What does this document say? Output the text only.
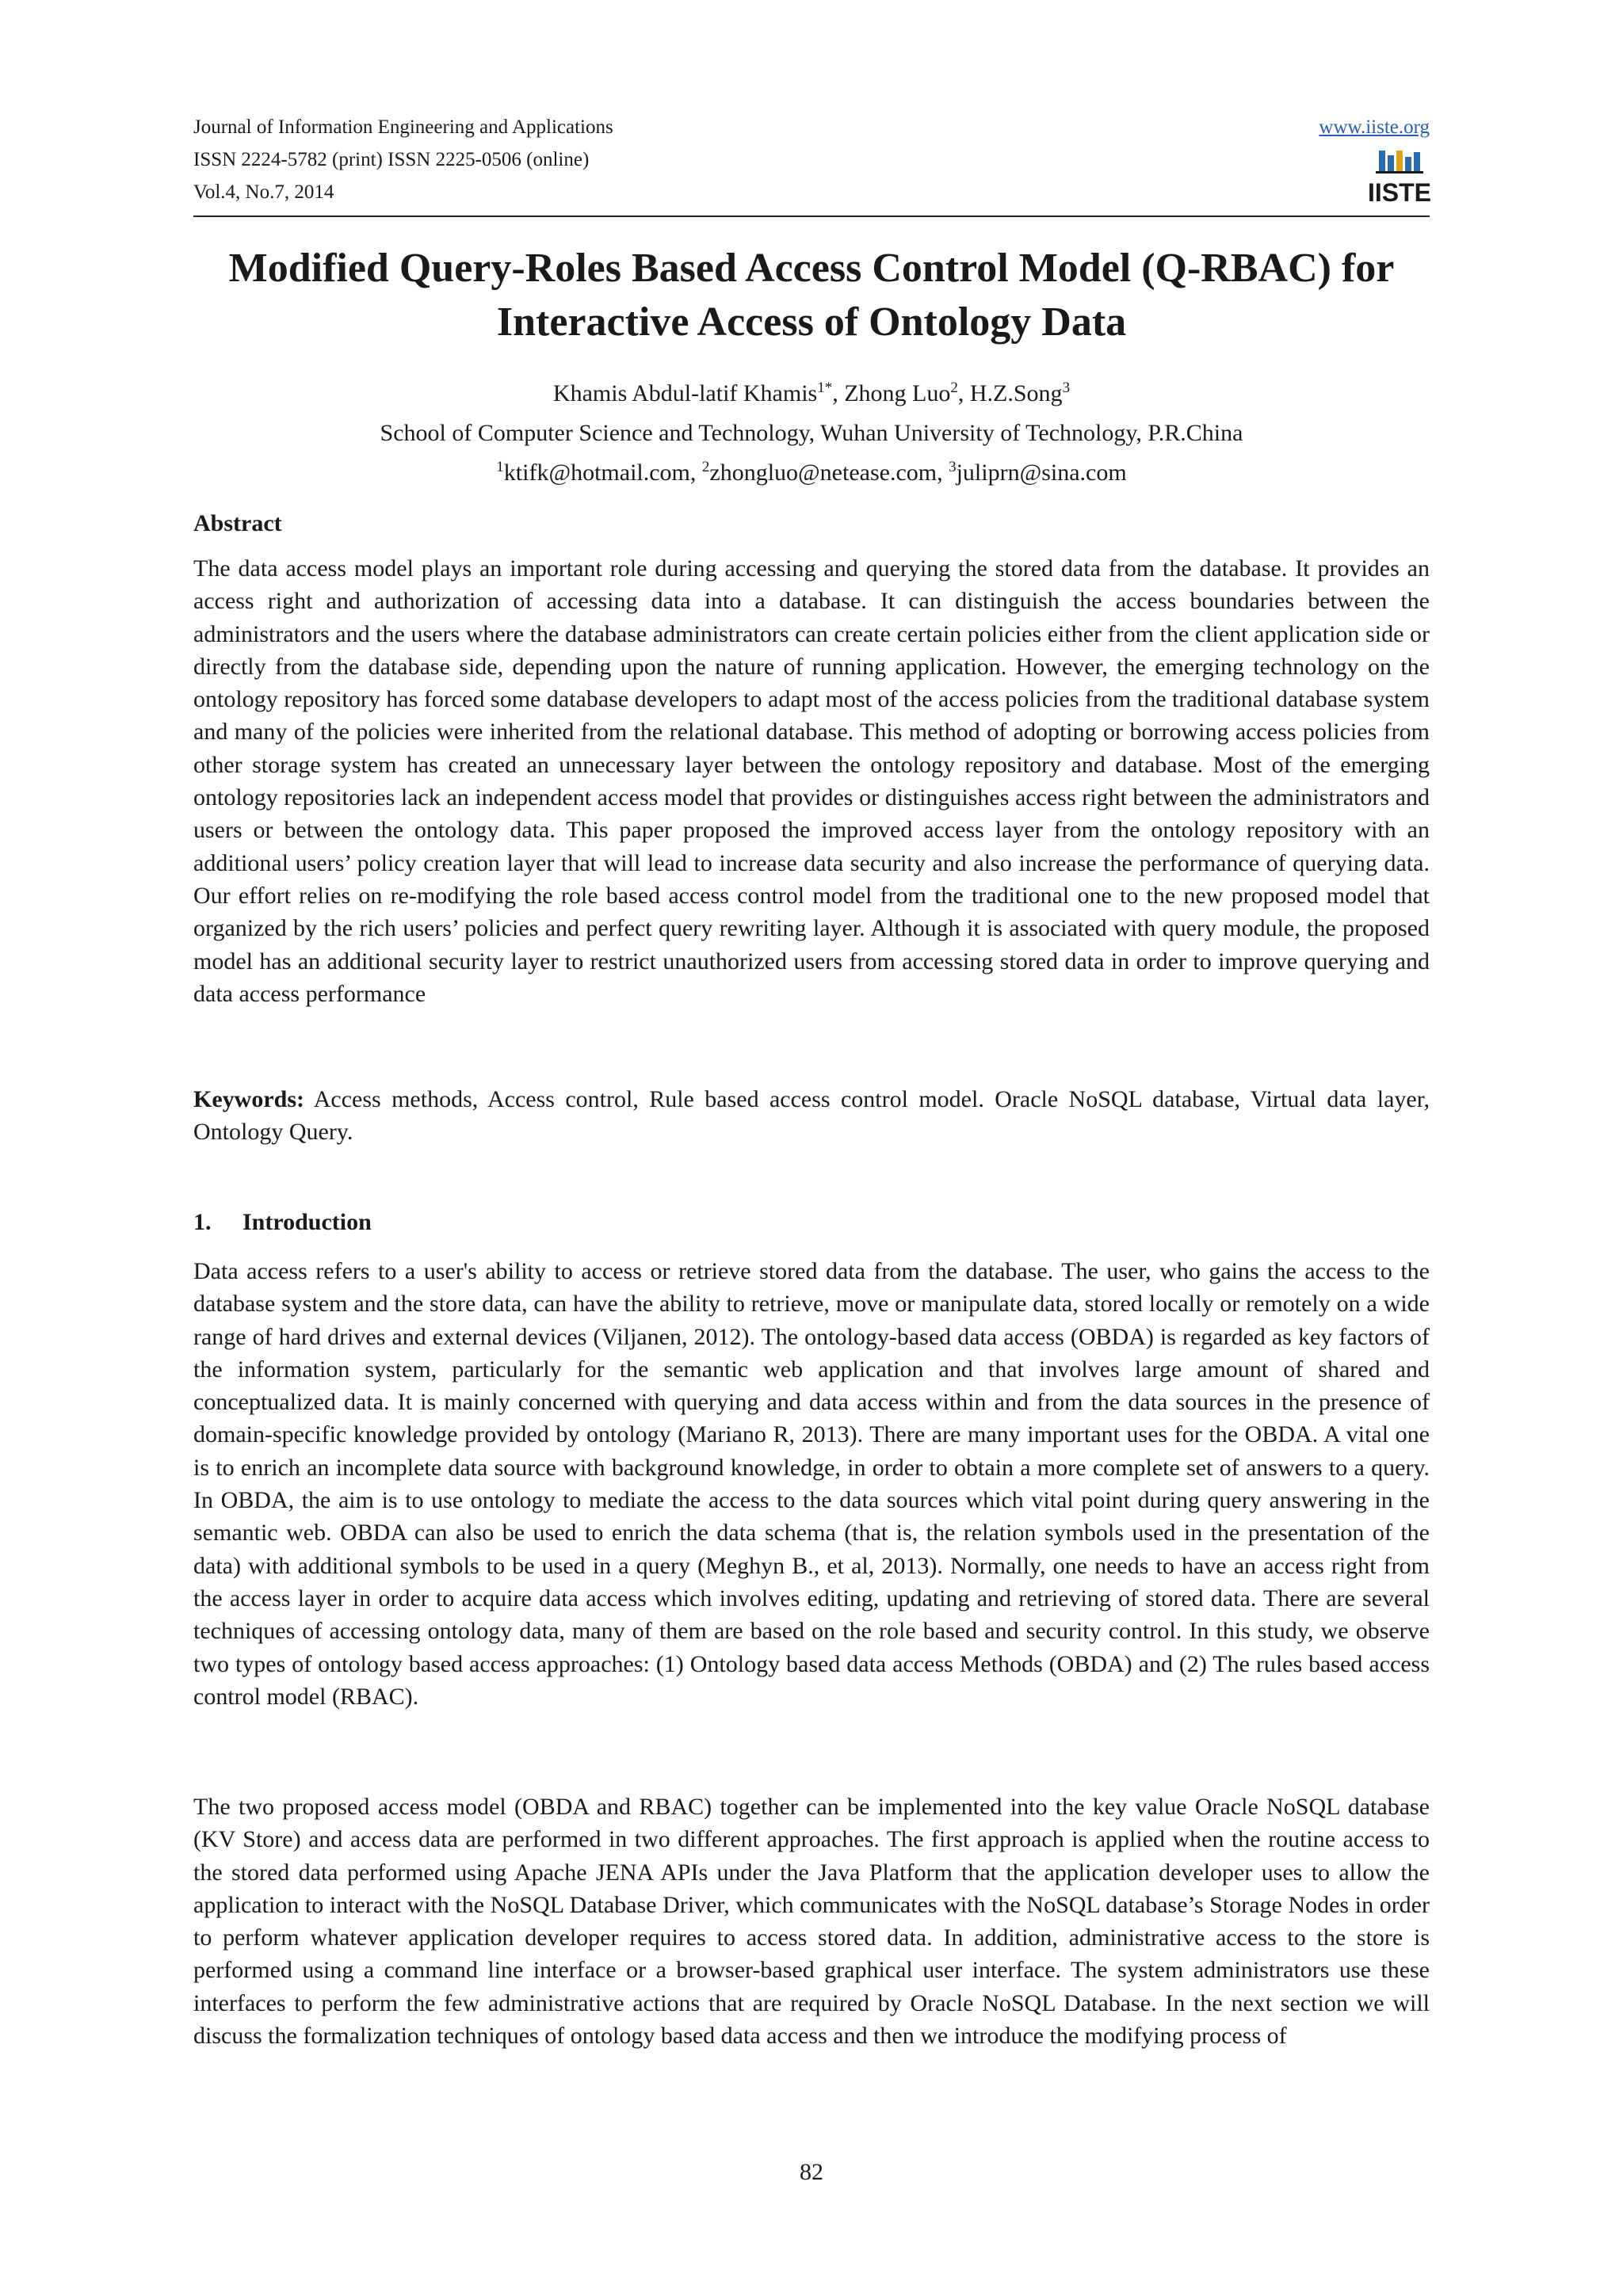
Journal of Information Engineering and Applications
ISSN 2224-5782 (print) ISSN 2225-0506 (online)
Vol.4, No.7, 2014
www.iiste.org
IISTE
Modified Query-Roles Based Access Control Model (Q-RBAC) for
Interactive Access of Ontology Data
Khamis Abdul-latif Khamis$^{1*}$, Zhong Luo$^2$, H.Z.Song$^3$
School of Computer Science and Technology, Wuhan University of Technology, P.R.China
$^1$ktifk@hotmail.com, $^2$zhongluo@netease.com, $^3$juliprn@sina.com
Abstract
The data access model plays an important role during accessing and querying the stored data from the database. It provides an access right and authorization of accessing data into a database. It can distinguish the access boundaries between the administrators and the users where the database administrators can create certain policies either from the client application side or directly from the database side, depending upon the nature of running application. However, the emerging technology on the ontology repository has forced some database developers to adapt most of the access policies from the traditional database system and many of the policies were inherited from the relational database. This method of adopting or borrowing access policies from other storage system has created an unnecessary layer between the ontology repository and database. Most of the emerging ontology repositories lack an independent access model that provides or distinguishes access right between the administrators and users or between the ontology data. This paper proposed the improved access layer from the ontology repository with an additional users’ policy creation layer that will lead to increase data security and also increase the performance of querying data. Our effort relies on re-modifying the role based access control model from the traditional one to the new proposed model that organized by the rich users’ policies and perfect query rewriting layer. Although it is associated with query module, the proposed model has an additional security layer to restrict unauthorized users from accessing stored data in order to improve querying and data access performance
Keywords: Access methods, Access control, Rule based access control model. Oracle NoSQL database, Virtual data layer, Ontology Query.
1. Introduction
Data access refers to a user's ability to access or retrieve stored data from the database. The user, who gains the access to the database system and the store data, can have the ability to retrieve, move or manipulate data, stored locally or remotely on a wide range of hard drives and external devices (Viljanen, 2012). The ontology-based data access (OBDA) is regarded as key factors of the information system, particularly for the semantic web application and that involves large amount of shared and conceptualized data. It is mainly concerned with querying and data access within and from the data sources in the presence of domain-specific knowledge provided by ontology (Mariano R, 2013). There are many important uses for the OBDA. A vital one is to enrich an incomplete data source with background knowledge, in order to obtain a more complete set of answers to a query. In OBDA, the aim is to use ontology to mediate the access to the data sources which vital point during query answering in the semantic web. OBDA can also be used to enrich the data schema (that is, the relation symbols used in the presentation of the data) with additional symbols to be used in a query (Meghyn B., et al, 2013). Normally, one needs to have an access right from the access layer in order to acquire data access which involves editing, updating and retrieving of stored data. There are several techniques of accessing ontology data, many of them are based on the role based and security control. In this study, we observe two types of ontology based access approaches: (1) Ontology based data access Methods (OBDA) and (2) The rules based access control model (RBAC).
The two proposed access model (OBDA and RBAC) together can be implemented into the key value Oracle NoSQL database (KV Store) and access data are performed in two different approaches. The first approach is applied when the routine access to the stored data performed using Apache JENA APIs under the Java Platform that the application developer uses to allow the application to interact with the NoSQL Database Driver, which communicates with the NoSQL database’s Storage Nodes in order to perform whatever application developer requires to access stored data. In addition, administrative access to the store is performed using a command line interface or a browser-based graphical user interface. The system administrators use these interfaces to perform the few administrative actions that are required by Oracle NoSQL Database. In the next section we will discuss the formalization techniques of ontology based data access and then we introduce the modifying process of
82
